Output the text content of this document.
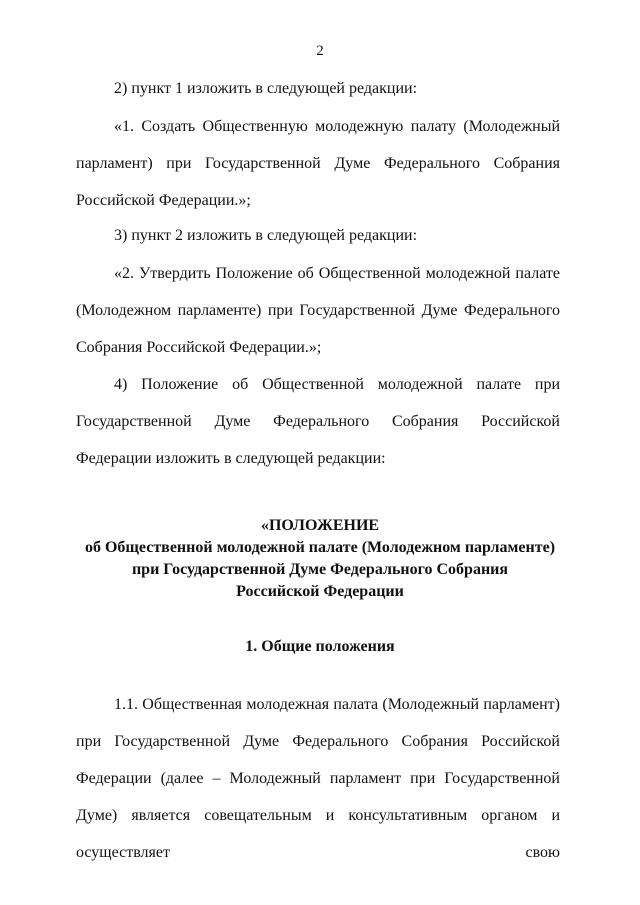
2
2) пункт 1 изложить в следующей редакции:
«1. Создать Общественную молодежную палату (Молодежный парламент) при Государственной Думе Федерального Собрания Российской Федерации.»;
3) пункт 2 изложить в следующей редакции:
«2. Утвердить Положение об Общественной молодежной палате (Молодежном парламенте) при Государственной Думе Федерального Собрания Российской Федерации.»;
4) Положение об Общественной молодежной палате при Государственной Думе Федерального Собрания Российской Федерации изложить в следующей редакции:
«ПОЛОЖЕНИЕ
об Общественной молодежной палате (Молодежном парламенте)
при Государственной Думе Федерального Собрания
Российской Федерации
1. Общие положения
1.1. Общественная молодежная палата (Молодежный парламент) при Государственной Думе Федерального Собрания Российской Федерации (далее – Молодежный парламент при Государственной Думе) является совещательным и консультативным органом и осуществляет свою
